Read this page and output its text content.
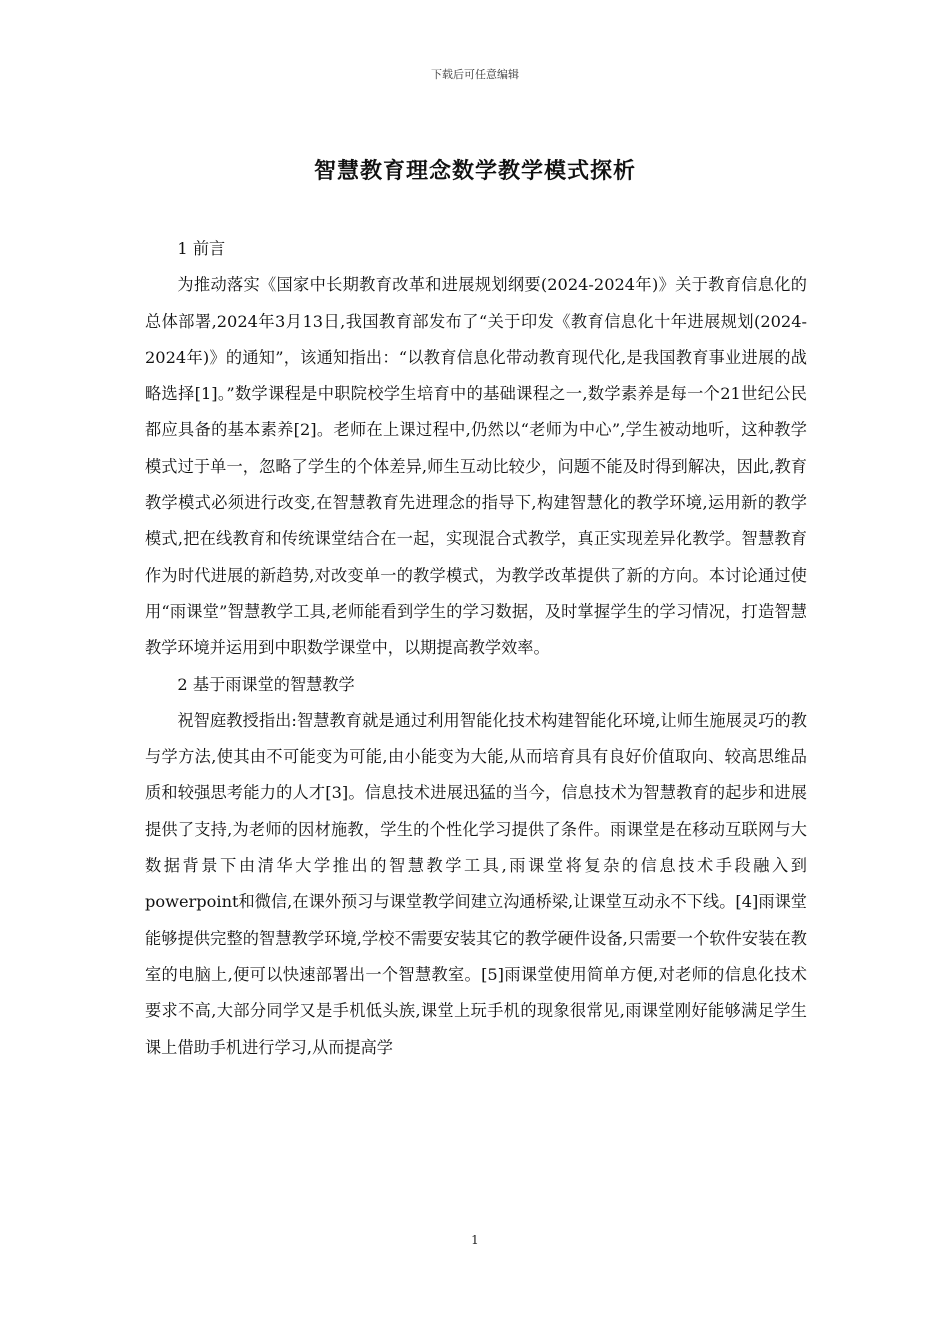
下载后可任意编辑
智慧教育理念数学教学模式探析
1 前言

为推动落实《国家中长期教育改革和进展规划纲要(2024-2024年)》关于教育信息化的总体部署,2024年3月13日,我国教育部发布了“关于印发《教育信息化十年进展规划(2024-2024年)》的通知”，该通知指出：“以教育信息化带动教育现代化,是我国教育事业进展的战略选择[1]。”数学课程是中职院校学生培育中的基础课程之一,数学素养是每一个21世纪公民都应具备的基本素养[2]。老师在上课过程中,仍然以“老师为中心”,学生被动地听，这种教学模式过于单一，忽略了学生的个体差异,师生互动比较少，问题不能及时得到解决，因此,教育教学模式必须进行改变,在智慧教育先进理念的指导下,构建智慧化的教学环境,运用新的教学模式,把在线教育和传统课堂结合在一起，实现混合式教学，真正实现差异化教学。智慧教育作为时代进展的新趋势,对改变单一的教学模式，为教学改革提供了新的方向。本讨论通过使用“雨课堂”智慧教学工具,老师能看到学生的学习数据，及时掌握学生的学习情况，打造智慧教学环境并运用到中职数学课堂中，以期提高教学效率。

2 基于雨课堂的智慧教学

祝智庭教授指出:智慧教育就是通过利用智能化技术构建智能化环境,让师生施展灵巧的教与学方法,使其由不可能变为可能,由小能变为大能,从而培育具有良好价值取向、较高思维品质和较强思考能力的人才[3]。信息技术进展迅猛的当今，信息技术为智慧教育的起步和进展提供了支持,为老师的因材施教，学生的个性化学习提供了条件。雨课堂是在移动互联网与大数据背景下由清华大学推出的智慧教学工具,雨课堂将复杂的信息技术手段融入到powerpoint和微信,在课外预习与课堂教学间建立沟通桥梁,让课堂互动永不下线。[4]雨课堂能够提供完整的智慧教学环境,学校不需要安装其它的教学硬件设备,只需要一个软件安装在教室的电脑上,便可以快速部署出一个智慧教室。[5]雨课堂使用简单方便,对老师的信息化技术要求不高,大部分同学又是手机低头族,课堂上玩手机的现象很常见,雨课堂刚好能够满足学生课上借助手机进行学习,从而提高学

1
